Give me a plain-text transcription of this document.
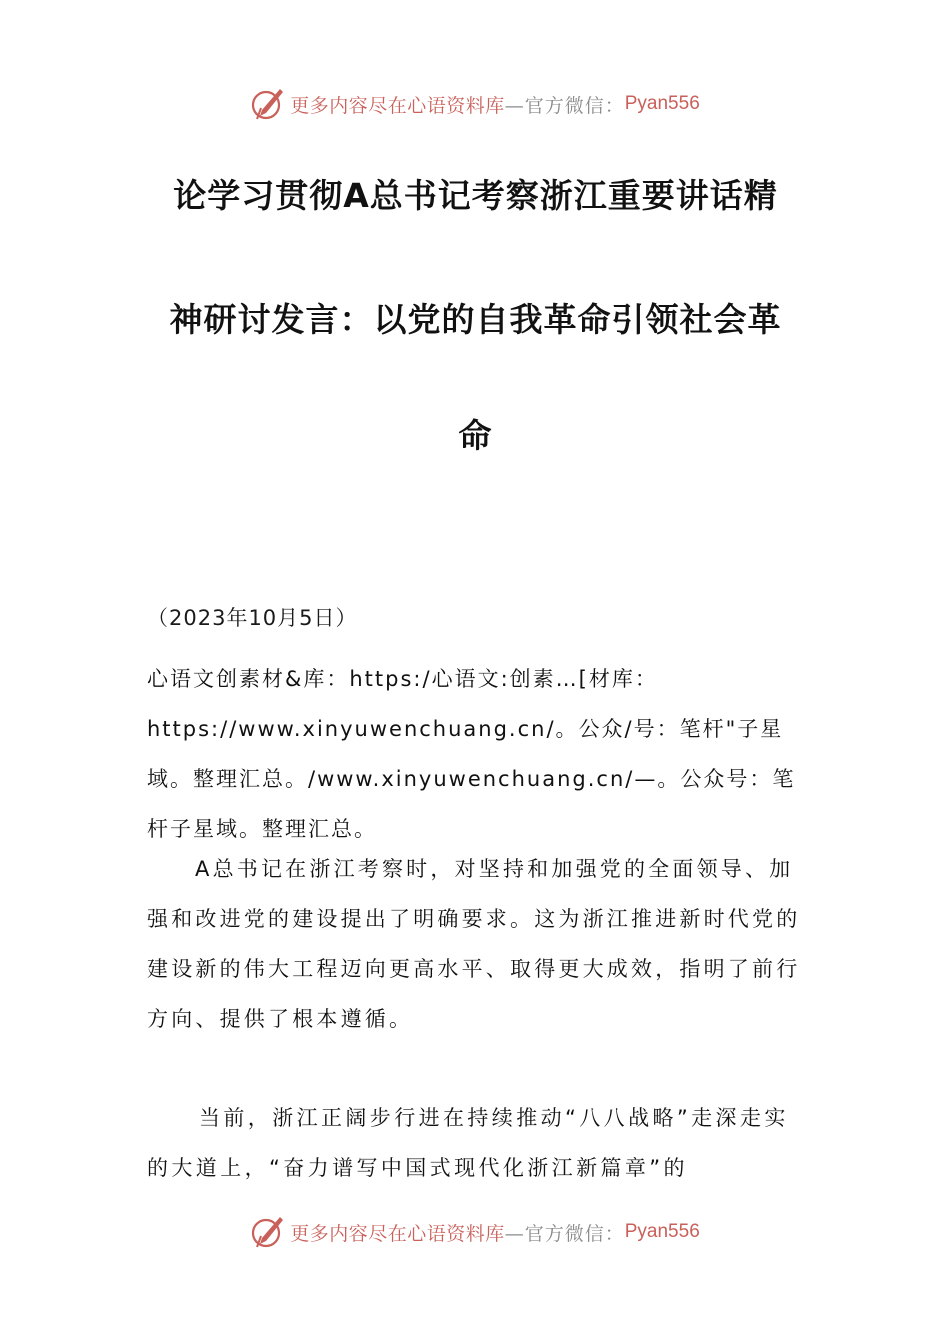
更多内容尽在心语资料库 —官方微信： Pyan556
论学习贯彻A总书记考察浙江重要讲话精
神研讨发言：以党的自我革命引领社会革
命
（2023年10月5日）

心语文创素材&库：https:/心语文:创素…[材库：https://www.xinyuwenchuang.cn/。公众/号：笔杆"子星域。整理汇总。/www.xinyuwenchuang.cn/—。公众号：笔杆子星域。整理汇总。

A总书记在浙江考察时，对坚持和加强党的全面领导、加强和改进党的建设提出了明确要求。这为浙江推进新时代党的建设新的伟大工程迈向更高水平、取得更大成效，指明了前行方向、提供了根本遵循。

当前，浙江正阔步行进在持续推动“八八战略”走深走实的大道上，“奋力谱写中国式现代化浙江新篇章”的

更多内容尽在心语资料库 —官方微信： Pyan556
